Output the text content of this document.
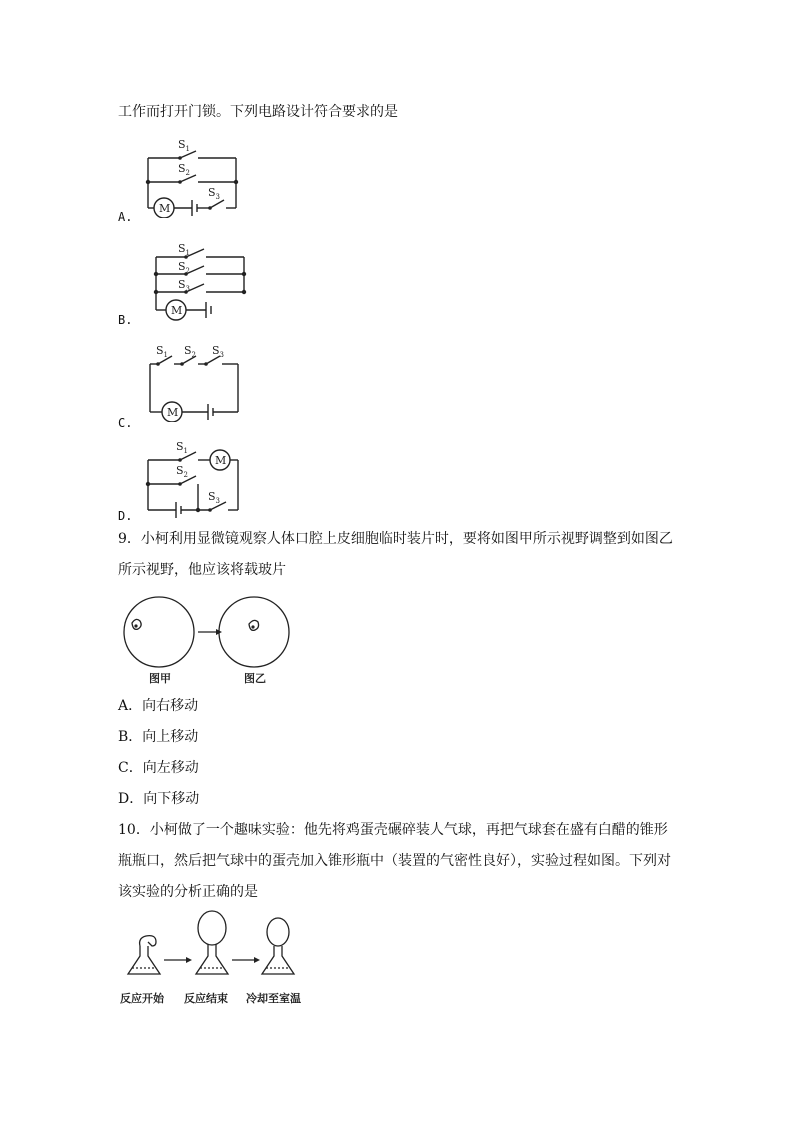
工作而打开门锁。下列电路设计符合要求的是
$S_1$
$S_2$
$S_3$
M
A.
$S_1$
$S_2$
$S_3$
M
B.
$S_1$ $S_2$ $S_3$
M
C.
$S_1$
$S_2$
$S_3$
M
D.
9．小柯利用显微镜观察人体口腔上皮细胞临时装片时，要将如图甲所示视野调整到如图乙
所示视野，他应该将载玻片
图甲	图乙
A．向右移动
B．向上移动
C．向左移动
D．向下移动
10．小柯做了一个趣味实验：他先将鸡蛋壳碾碎装人气球，再把气球套在盛有白醋的锥形
瓶瓶口，然后把气球中的蛋壳加入锥形瓶中（装置的气密性良好），实验过程如图。下列对
该实验的分析正确的是
反应开始 反应结束 冷却至室温
